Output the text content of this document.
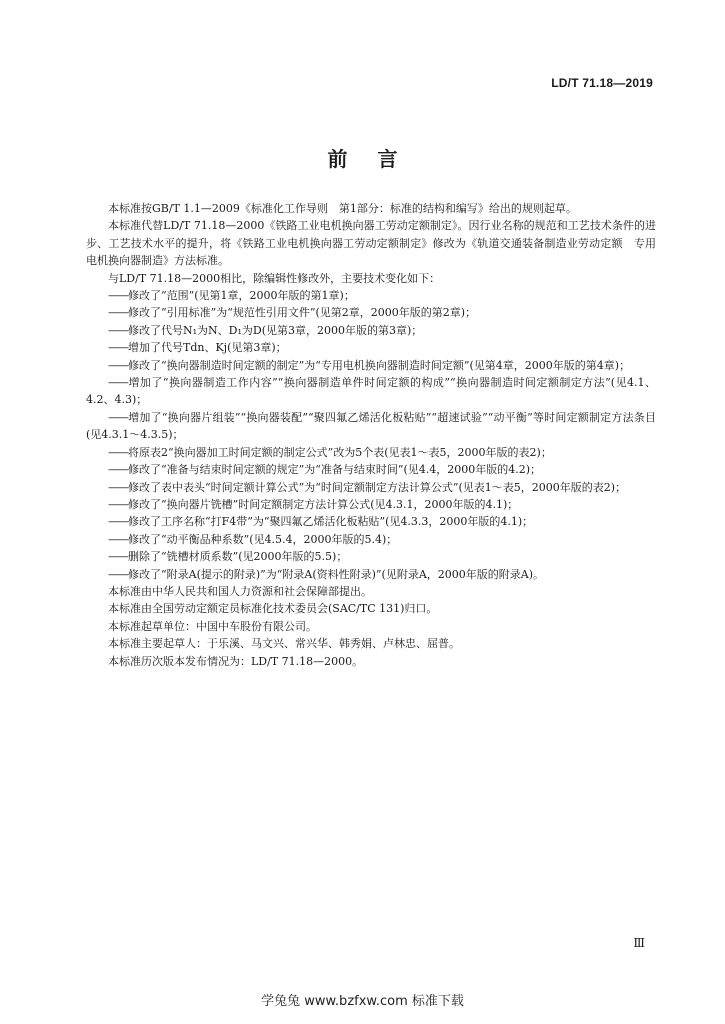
LD/T 71.18—2019
前言

本标准按GB/T 1.1—2009《标准化工作导则　第1部分：标准的结构和编写》给出的规则起草。

本标准代替LD/T 71.18—2000《铁路工业电机换向器工劳动定额制定》。因行业名称的规范和工艺技术条件的进步、工艺技术水平的提升，将《铁路工业电机换向器工劳动定额制定》修改为《轨道交通装备制造业劳动定额　专用电机换向器制造》方法标准。

与LD/T 71.18—2000相比，除编辑性修改外，主要技术变化如下：

——修改了“范围”(见第1章，2000年版的第1章)；

——修改了“引用标准”为“规范性引用文件”(见第2章，2000年版的第2章)；

——修改了代号N₁为N、D₁为D(见第3章，2000年版的第3章)；

——增加了代号Tdn、Kj(见第3章)；

——修改了“换向器制造时间定额的制定”为“专用电机换向器制造时间定额”(见第4章，2000年版的第4章)；

——增加了“换向器制造工作内容”“换向器制造单件时间定额的构成”“换向器制造时间定额制定方法”(见4.1、4.2、4.3)；

——增加了“换向器片组装”“换向器装配”“聚四氟乙烯活化板粘贴”“超速试验”“动平衡”等时间定额制定方法条目(见4.3.1～4.3.5)；

——将原表2“换向器加工时间定额的制定公式”改为5个表(见表1～表5，2000年版的表2)；

——修改了“准备与结束时间定额的规定”为“准备与结束时间”(见4.4，2000年版的4.2)；

——修改了表中表头“时间定额计算公式”为“时间定额制定方法计算公式”(见表1～表5，2000年版的表2)；

——修改了“换向器片铣槽”时间定额制定方法计算公式(见4.3.1，2000年版的4.1)；

——修改了工序名称“打F4带”为“聚四氟乙烯活化板粘贴”(见4.3.3，2000年版的4.1)；

——修改了“动平衡品种系数”(见4.5.4，2000年版的5.4)；

——删除了“铣槽材质系数”(见2000年版的5.5)；

——修改了“附录A(提示的附录)”为“附录A(资料性附录)”(见附录A，2000年版的附录A)。

本标准由中华人民共和国人力资源和社会保障部提出。

本标准由全国劳动定额定员标准化技术委员会(SAC/TC 131)归口。

本标准起草单位：中国中车股份有限公司。

本标准主要起草人：于乐溪、马文兴、常兴华、韩秀娟、卢林忠、屈普。

本标准历次版本发布情况为：LD/T 71.18—2000。

Ⅲ
学兔兔 www.bzfxw.com 标准下载
